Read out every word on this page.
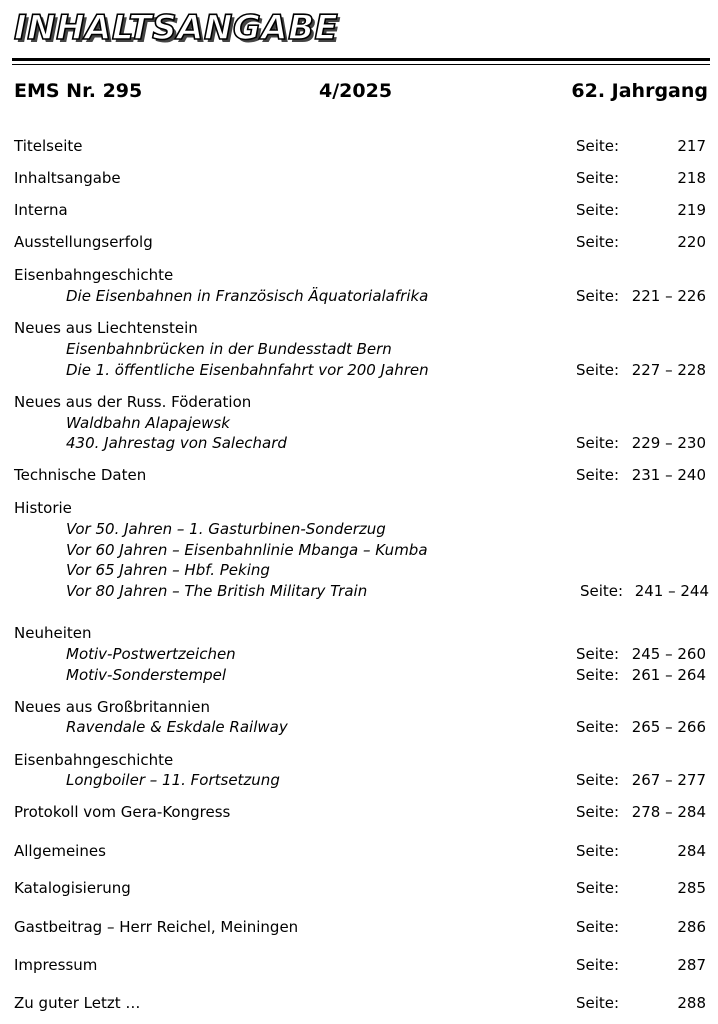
INHALTSANGABE
EMS Nr. 295	4/2025	62. Jahrgang
Titelseite	Seite:	217
Inhaltsangabe	Seite:	218
Interna	Seite:	219
Ausstellungserfolg	Seite:	220
Eisenbahngeschichte
Die Eisenbahnen in Französisch Äquatorialafrika	Seite: 221 – 226
Neues aus Liechtenstein
Eisenbahnbrücken in der Bundesstadt Bern
Die 1. öffentliche Eisenbahnfahrt vor 200 Jahren	Seite: 227 – 228
Neues aus der Russ. Föderation
Waldbahn Alapajewsk
430. Jahrestag von Salechard	Seite: 229 – 230
Technische Daten	Seite: 231 – 240
Historie
Vor 50. Jahren – 1. Gasturbinen-Sonderzug
Vor 60 Jahren – Eisenbahnlinie Mbanga – Kumba
Vor 65 Jahren – Hbf. Peking
Vor 80 Jahren – The British Military Train	Seite: 241 – 244
Neuheiten
Motiv-Postwertzeichen	Seite: 245 – 260
Motiv-Sonderstempel	Seite: 261 – 264
Neues aus Großbritannien
Ravendale & Eskdale Railway	Seite: 265 – 266
Eisenbahngeschichte
Longboiler – 11. Fortsetzung	Seite: 267 – 277
Protokoll vom Gera-Kongress	Seite: 278 – 284
Allgemeines	Seite:	284
Katalogisierung	Seite:	285
Gastbeitrag – Herr Reichel, Meiningen	Seite:	286
Impressum	Seite:	287
Zu guter Letzt …	Seite:	288
